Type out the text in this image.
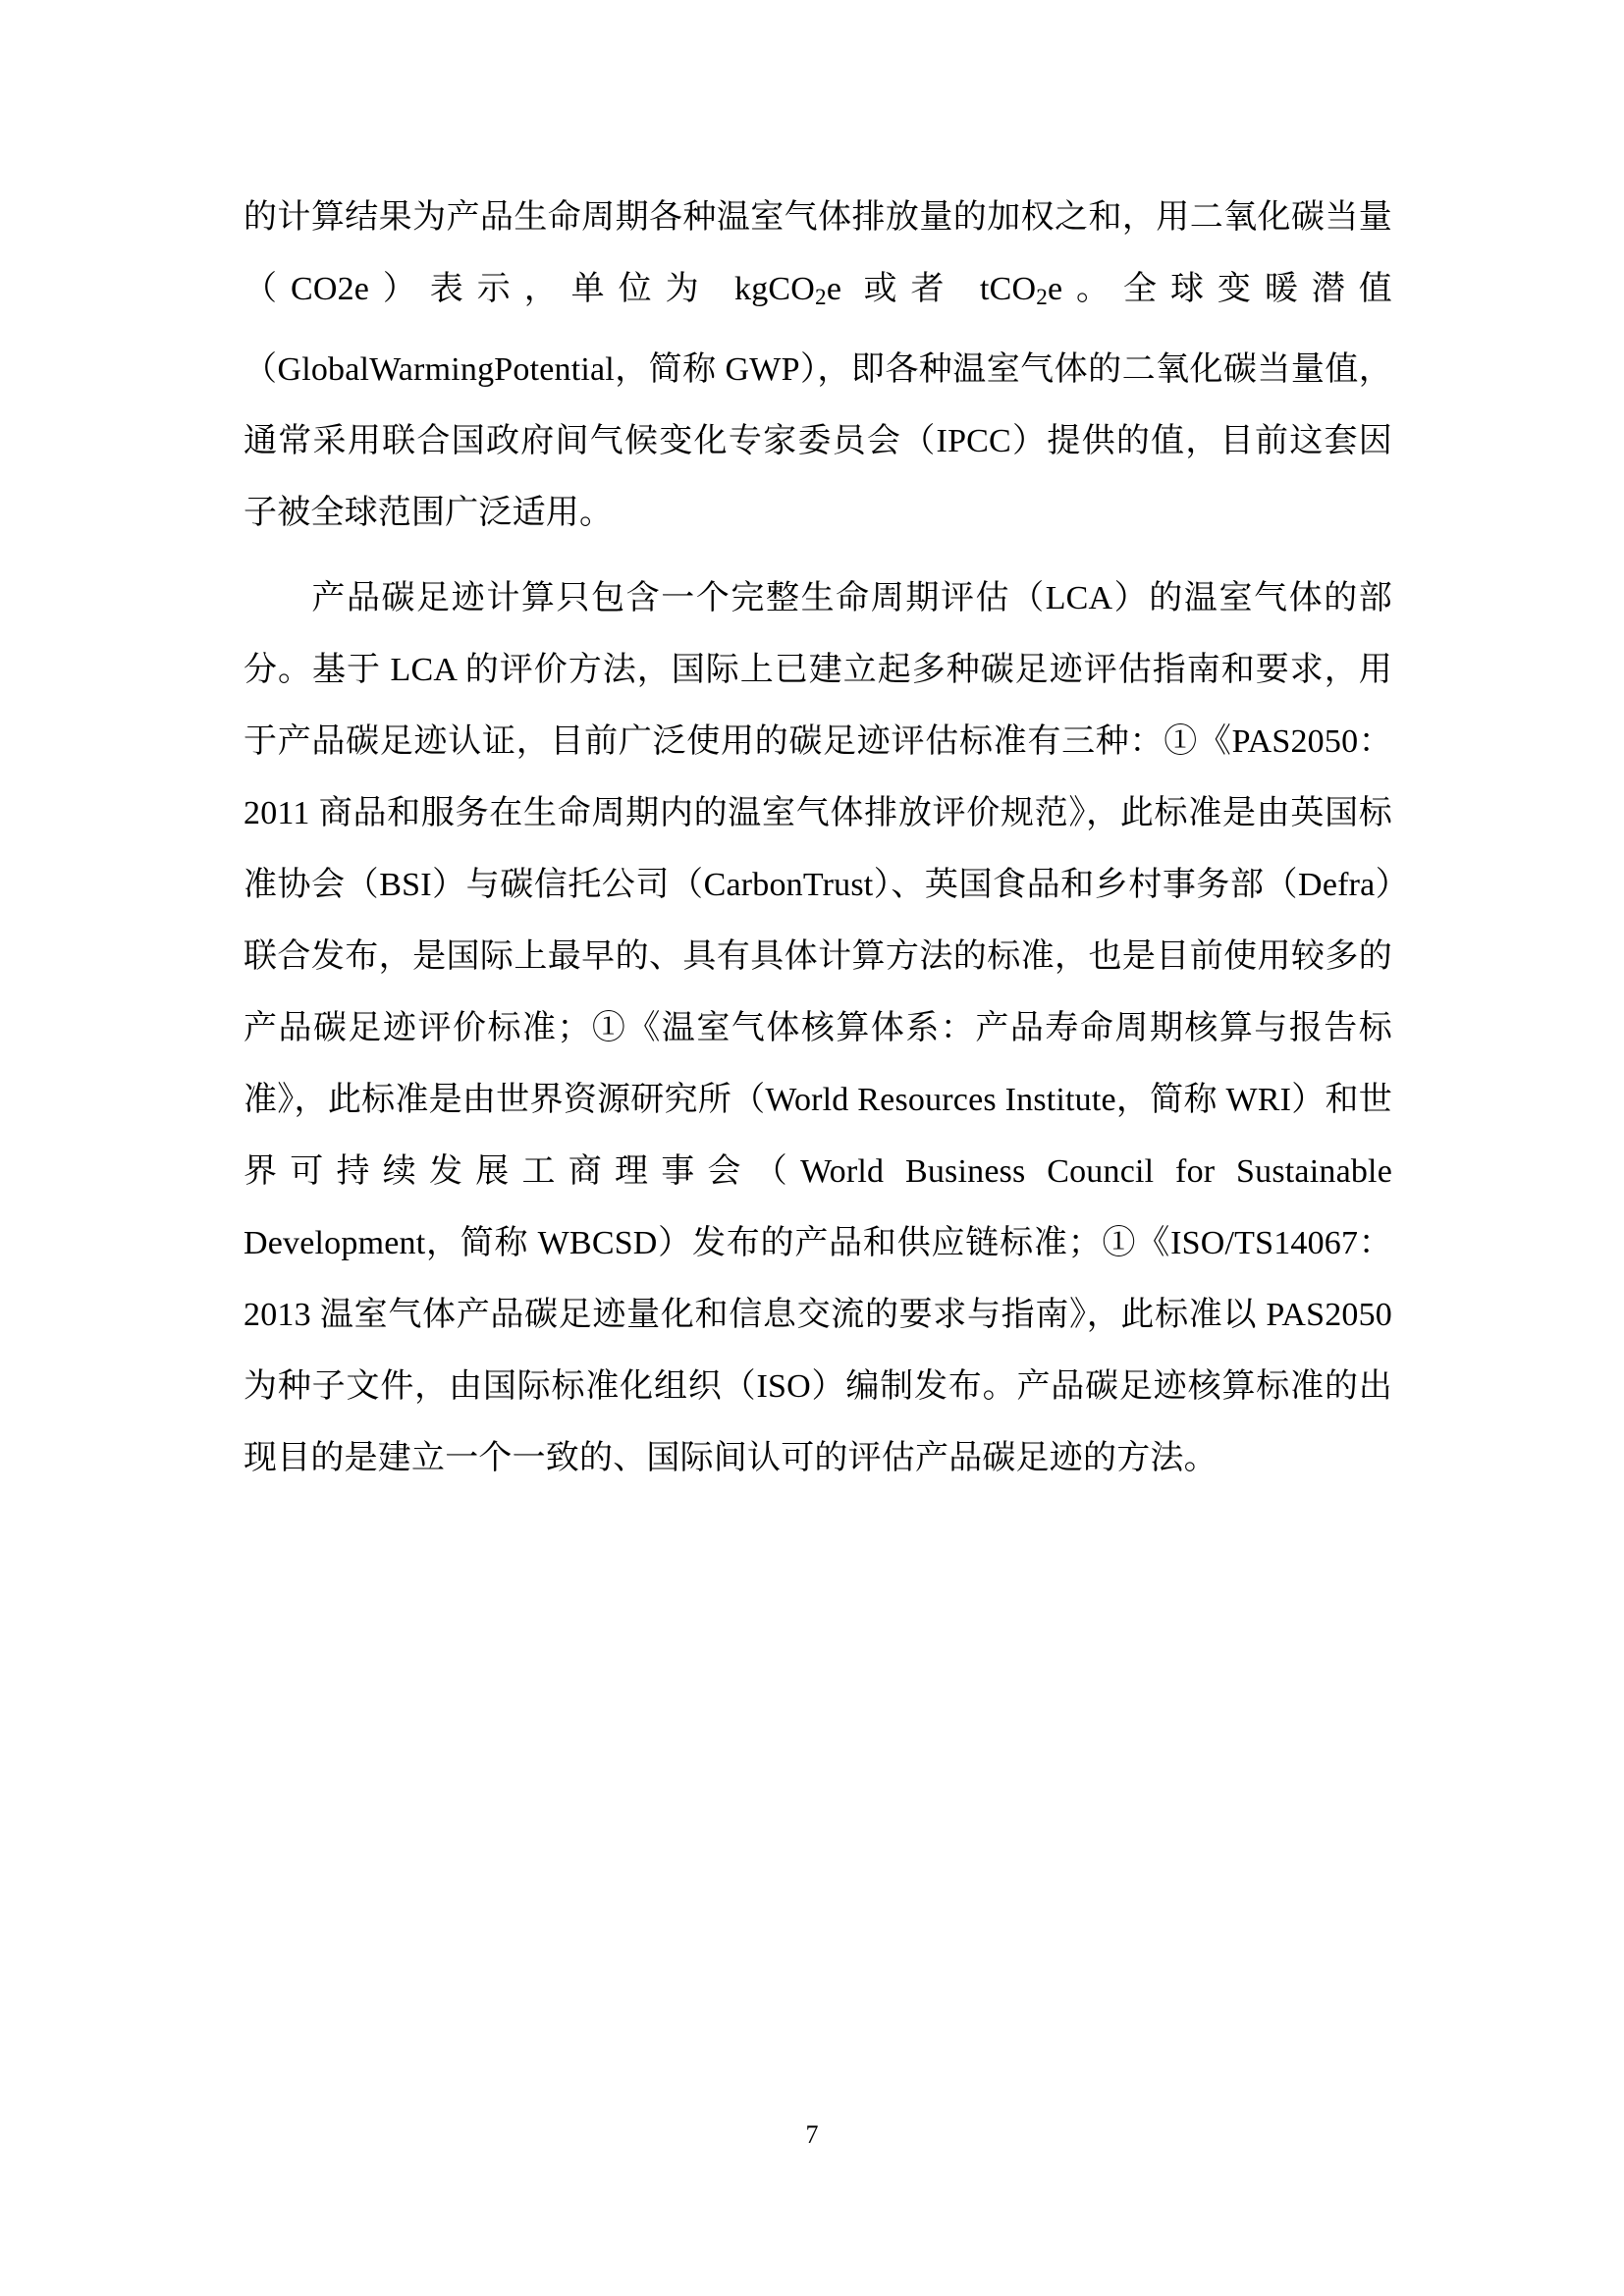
的计算结果为产品生命周期各种温室气体排放量的加权之和，用二氧化碳当量（CO2e）表示，单位为 kgCO$_2$e 或者 tCO$_2$e。全球变暖潜值（GlobalWarmingPotential，简称 GWP），即各种温室气体的二氧化碳当量值，通常采用联合国政府间气候变化专家委员会（IPCC）提供的值，目前这套因子被全球范围广泛适用。

产品碳足迹计算只包含一个完整生命周期评估（LCA）的温室气体的部分。基于 LCA 的评价方法，国际上已建立起多种碳足迹评估指南和要求，用于产品碳足迹认证，目前广泛使用的碳足迹评估标准有三种：①《PAS2050：2011 商品和服务在生命周期内的温室气体排放评价规范》，此标准是由英国标准协会（BSI）与碳信托公司（CarbonTrust）、英国食品和乡村事务部（Defra）联合发布，是国际上最早的、具有具体计算方法的标准，也是目前使用较多的产品碳足迹评价标准；①《温室气体核算体系：产品寿命周期核算与报告标准》，此标准是由世界资源研究所（World Resources Institute，简称 WRI）和世界可持续发展工商理事会（World Business Council for Sustainable Development，简称 WBCSD）发布的产品和供应链标准；①《ISO/TS14067：2013 温室气体产品碳足迹量化和信息交流的要求与指南》，此标准以 PAS2050 为种子文件，由国际标准化组织（ISO）编制发布。产品碳足迹核算标准的出现目的是建立一个一致的、国际间认可的评估产品碳足迹的方法。

7
